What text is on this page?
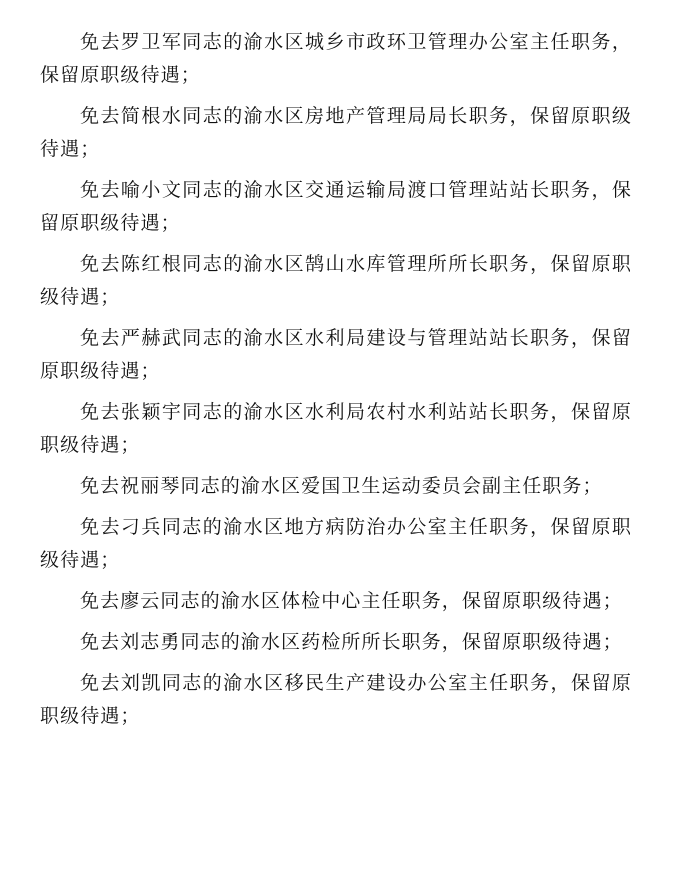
免去罗卫军同志的渝水区城乡市政环卫管理办公室主任职务，保留原职级待遇；

免去简根水同志的渝水区房地产管理局局长职务，保留原职级待遇；

免去喻小文同志的渝水区交通运输局渡口管理站站长职务，保留原职级待遇；

免去陈红根同志的渝水区鹄山水库管理所所长职务，保留原职级待遇；

免去严赫武同志的渝水区水利局建设与管理站站长职务，保留原职级待遇；

免去张颖宇同志的渝水区水利局农村水利站站长职务，保留原职级待遇；

免去祝丽琴同志的渝水区爱国卫生运动委员会副主任职务；

免去刁兵同志的渝水区地方病防治办公室主任职务，保留原职级待遇；

免去廖云同志的渝水区体检中心主任职务，保留原职级待遇；

免去刘志勇同志的渝水区药检所所长职务，保留原职级待遇；

免去刘凯同志的渝水区移民生产建设办公室主任职务，保留原职级待遇；
